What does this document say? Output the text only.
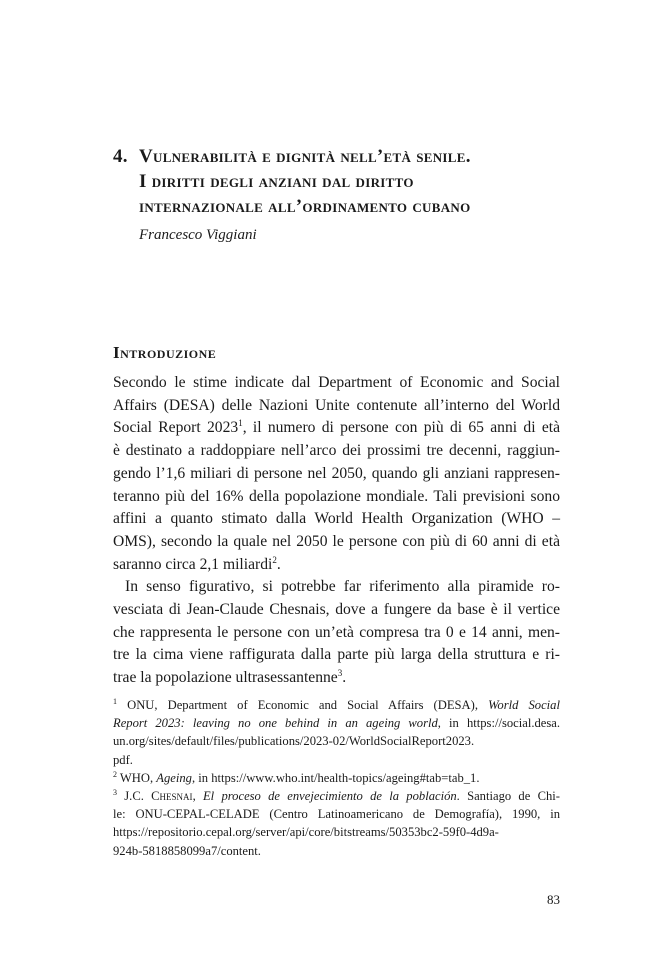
4. Vulnerabilità e dignità nell’età senile.
I diritti degli anziani dal diritto
internazionale all’ordinamento cubano
Francesco Viggiani
Introduzione

Secondo le stime indicate dal Department of Economic and Social
Affairs (DESA) delle Nazioni Unite contenute all’interno del World
Social Report 2023$^1$, il numero di persone con più di 65 anni di età
è destinato a raddoppiare nell’arco dei prossimi tre decenni, raggiun-
gendo l’1,6 miliari di persone nel 2050, quando gli anziani rappresen-
teranno più del 16% della popolazione mondiale. Tali previsioni sono
affini a quanto stimato dalla World Health Organization (WHO –
OMS), secondo la quale nel 2050 le persone con più di 60 anni di età
saranno circa 2,1 miliardi$^2$.

In senso figurativo, si potrebbe far riferimento alla piramide ro-
vesciata di Jean-Claude Chesnais, dove a fungere da base è il vertice
che rappresenta le persone con un’età compresa tra 0 e 14 anni, men-
tre la cima viene raffigurata dalla parte più larga della struttura e ri-
trae la popolazione ultrasessantenne$^3$.

$^1$ ONU, Department of Economic and Social Affairs (DESA), World Social
Report 2023: leaving no one behind in an ageing world, in https://social.desa.
un.org/sites/default/files/publications/2023-02/WorldSocialReport2023.
pdf.
$^2$ WHO, Ageing, in https://www.who.int/health-topics/ageing#tab=tab_1.
$^3$ J.C. Chesnai, El proceso de envejecimiento de la población. Santiago de Chi-
le: ONU-CEPAL-CELADE (Centro Latinoamericano de Demografía), 1990, in
https://repositorio.cepal.org/server/api/core/bitstreams/50353bc2-59f0-4d9a-
924b-5818858099a7/content.
83
